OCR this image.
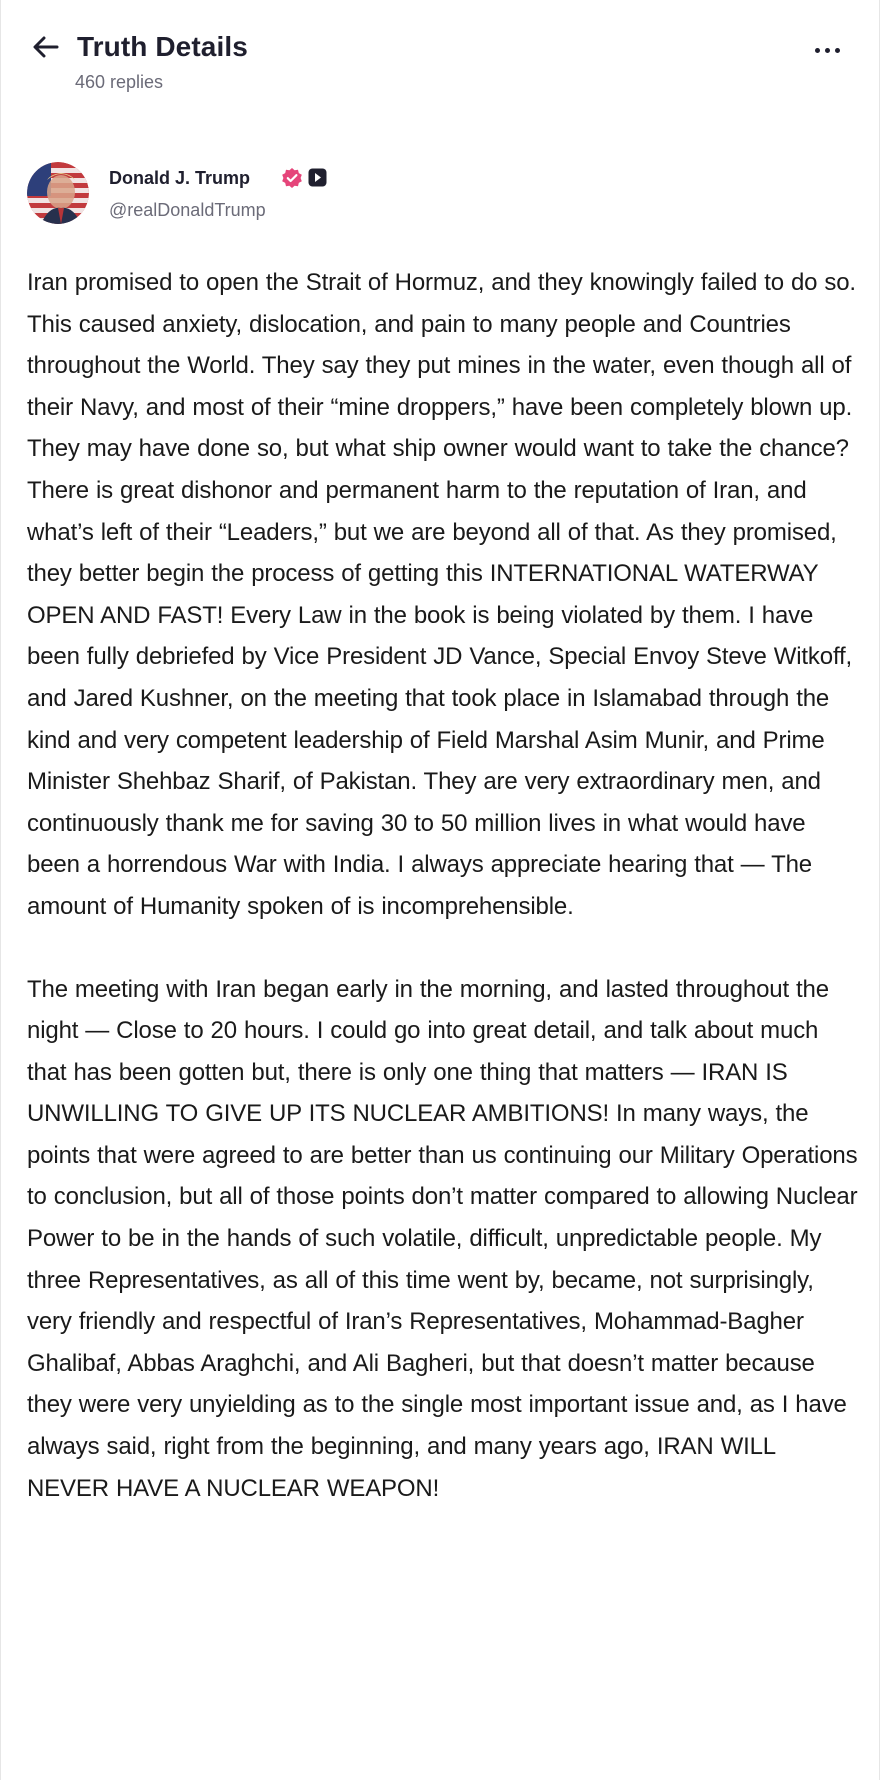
Truth Details
460 replies
Donald J. Trump
@realDonaldTrump

Iran promised to open the Strait of Hormuz, and they knowingly failed to do so. This caused anxiety, dislocation, and pain to many people and Countries throughout the World. They say they put mines in the water, even though all of their Navy, and most of their “mine droppers,” have been completely blown up. They may have done so, but what ship owner would want to take the chance? There is great dishonor and permanent harm to the reputation of Iran, and what’s left of their “Leaders,” but we are beyond all of that. As they promised, they better begin the process of getting this INTERNATIONAL WATERWAY OPEN AND FAST! Every Law in the book is being violated by them. I have been fully debriefed by Vice President JD Vance, Special Envoy Steve Witkoff, and Jared Kushner, on the meeting that took place in Islamabad through the kind and very competent leadership of Field Marshal Asim Munir, and Prime Minister Shehbaz Sharif, of Pakistan. They are very extraordinary men, and continuously thank me for saving 30 to 50 million lives in what would have been a horrendous War with India. I always appreciate hearing that — The amount of Humanity spoken of is incomprehensible.

The meeting with Iran began early in the morning, and lasted throughout the night — Close to 20 hours. I could go into great detail, and talk about much that has been gotten but, there is only one thing that matters — IRAN IS UNWILLING TO GIVE UP ITS NUCLEAR AMBITIONS! In many ways, the points that were agreed to are better than us continuing our Military Operations to conclusion, but all of those points don’t matter compared to allowing Nuclear Power to be in the hands of such volatile, difficult, unpredictable people. My three Representatives, as all of this time went by, became, not surprisingly, very friendly and respectful of Iran’s Representatives, Mohammad-Bagher Ghalibaf, Abbas Araghchi, and Ali Bagheri, but that doesn’t matter because they were very unyielding as to the single most important issue and, as I have always said, right from the beginning, and many years ago, IRAN WILL NEVER HAVE A NUCLEAR WEAPON!
